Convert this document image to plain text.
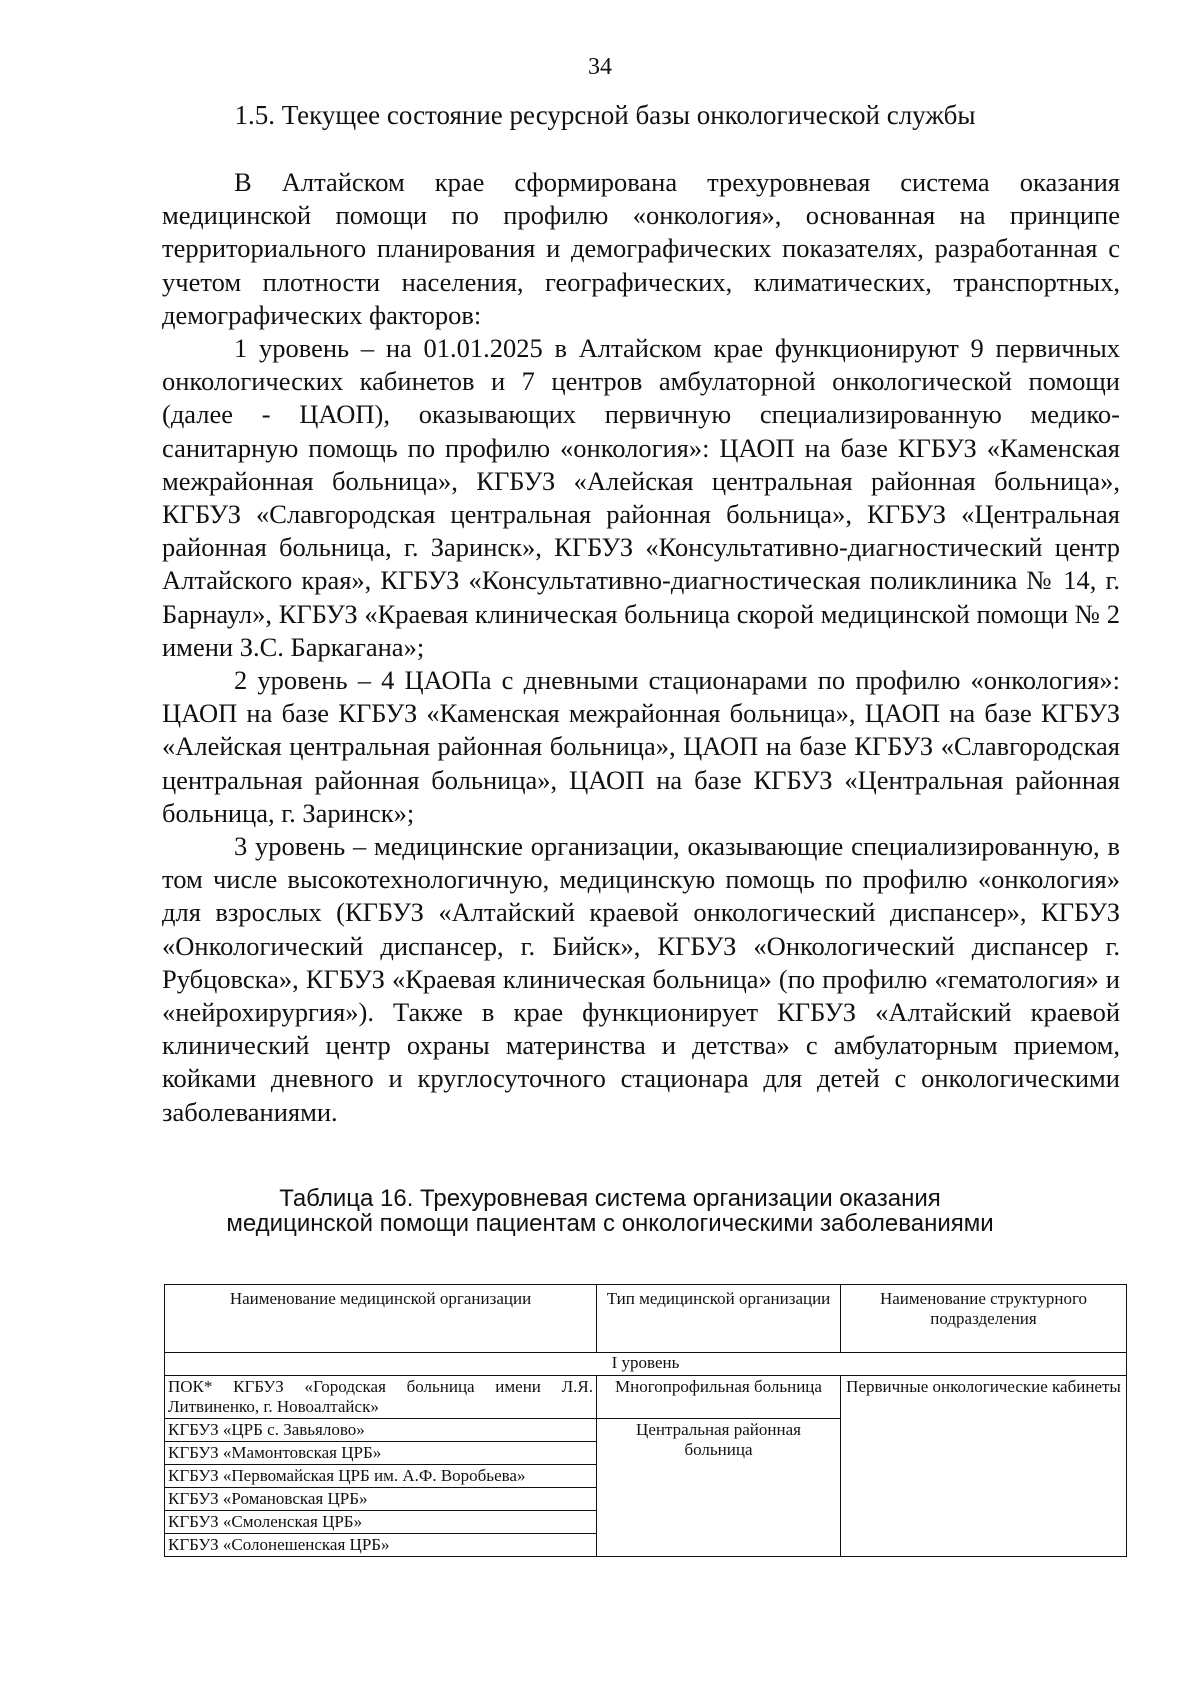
34
1.5. Текущее состояние ресурсной базы онкологической службы

В Алтайском крае сформирована трехуровневая система оказания медицинской помощи по профилю «онкология», основанная на принципе территориального планирования и демографических показателях, разработанная с учетом плотности населения, географических, климатических, транспортных, демографических факторов:

1 уровень – на 01.01.2025 в Алтайском крае функционируют 9 первичных онкологических кабинетов и 7 центров амбулаторной онкологической помощи (далее - ЦАОП), оказывающих первичную специализированную медико-санитарную помощь по профилю «онкология»: ЦАОП на базе КГБУЗ «Каменская межрайонная больница», КГБУЗ «Алейская центральная районная больница», КГБУЗ «Славгородская центральная районная больница», КГБУЗ «Центральная районная больница, г. Заринск», КГБУЗ «Консультативно-диагностический центр Алтайского края», КГБУЗ «Консультативно-диагностическая поликлиника № 14, г. Барнаул», КГБУЗ «Краевая клиническая больница скорой медицинской помощи № 2 имени З.С. Баркагана»;

2 уровень – 4 ЦАОПа с дневными стационарами по профилю «онкология»: ЦАОП на базе КГБУЗ «Каменская межрайонная больница», ЦАОП на базе КГБУЗ «Алейская центральная районная больница», ЦАОП на базе КГБУЗ «Славгородская центральная районная больница», ЦАОП на базе КГБУЗ «Центральная районная больница, г. Заринск»;

3 уровень – медицинские организации, оказывающие специализированную, в том числе высокотехнологичную, медицинскую помощь по профилю «онкология» для взрослых (КГБУЗ «Алтайский краевой онкологический диспансер», КГБУЗ «Онкологический диспансер, г. Бийск», КГБУЗ «Онкологический диспансер г. Рубцовска», КГБУЗ «Краевая клиническая больница» (по профилю «гематология» и «нейрохирургия»). Также в крае функционирует КГБУЗ «Алтайский краевой клинический центр охраны материнства и детства» с амбулаторным приемом, койками дневного и круглосуточного стационара для детей с онкологическими заболеваниями.

Таблица 16. Трехуровневая система организации оказания
медицинской помощи пациентам с онкологическими заболеваниями
Наименование медицинской организации	Тип медицинской организации	Наименование структурного подразделения
I уровень		
ПОК* КГБУЗ «Городская больница имени Л.Я. Литвиненко, г. Новоалтайск»	Многопрофильная больница	Первичные онкологические кабинеты
КГБУЗ «ЦРБ с. Завьялово»	Центральная районная больница	
КГБУЗ «Мамонтовская ЦРБ»		
КГБУЗ «Первомайская ЦРБ им. А.Ф. Воробьева»		
КГБУЗ «Романовская ЦРБ»		
КГБУЗ «Смоленская ЦРБ»		
КГБУЗ «Солонешенская ЦРБ»		
